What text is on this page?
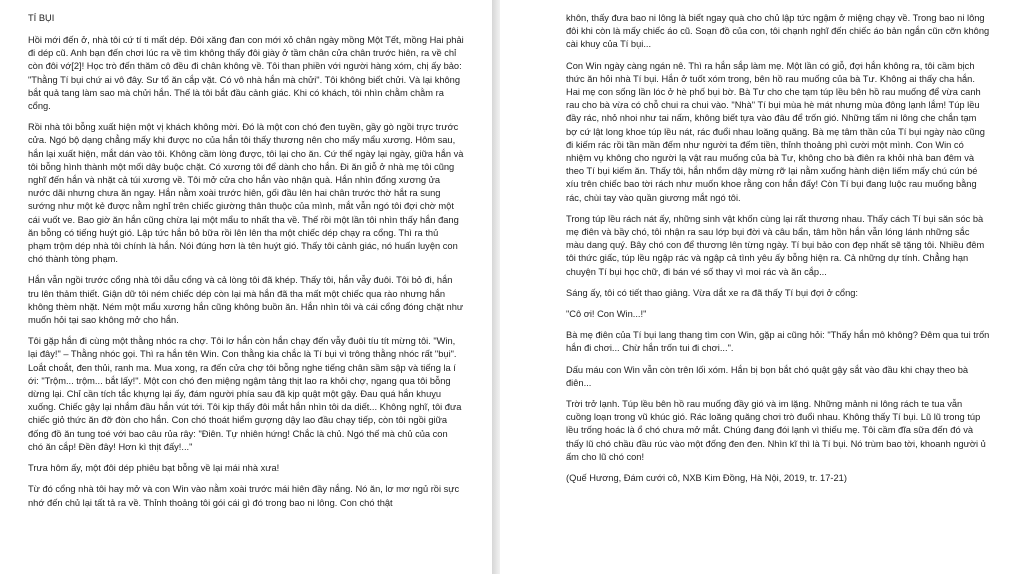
TÍ BỤI

Hồi mới đến ở, nhà tôi cứ tí ti mất dép. Đôi xăng đan con mới xỏ chân ngày mồng Một Tết, mồng Hai phải đi dép cũ. Anh bạn đến chơi lúc ra về tìm không thấy đôi giày ở tầm chân cửa chân trước hiên, ra về chỉ còn đôi vớ[2]! Học trò đến thăm cô đều đi chân không về. Tôi than phiền với người hàng xóm, chị ấy bảo: "Thằng Tí bụi chứ ai vô đây. Sư tổ ăn cắp vặt. Có vô nhà hắn mà chửi". Tôi không biết chửi. Và lại không bắt quả tang làm sao mà chửi hắn. Thế là tôi bắt đầu cảnh giác. Khi có khách, tôi nhìn chằm chằm ra cổng.

Rồi nhà tôi bỗng xuất hiện một vị khách không mời. Đó là một con chó đen tuyền, gầy gò ngồi trực trước cửa. Ngó bộ dạng chẳng mấy khi được no của hắn tôi thấy thương nên cho mấy mẩu xương. Hôm sau, hắn lại xuất hiện, mắt dán vào tôi. Không cầm lòng được, tôi lại cho ăn. Cứ thế ngày lại ngày, giữa hắn và tôi bỗng hình thành một mối dây buộc chặt. Có xương tôi để dành cho hắn. Đi ăn giỗ ở nhà mẹ tôi cũng nghĩ đến hắn và nhặt cả túi xương về. Tôi mở cửa cho hắn vào nhận quà. Hắn nhìn đống xương ửa nước dãi nhưng chưa ăn ngay. Hắn nằm xoài trước hiên, gối đầu lên hai chân trước thờ hắt ra sung sướng như một kẻ được nằm nghỉ trên chiếc giường thân thuộc của mình, mắt vẫn ngó tôi đợi chờ một cái vuốt ve. Bao giờ ăn hắn cũng chừa lại một mẩu to nhất tha về. Thế rồi một lần tôi nhìn thấy hắn đang ăn bỗng có tiếng huýt gió. Lập tức hắn bỏ bữa rồi lên lên tha một chiếc dép chạy ra cổng. Thì ra thủ phạm trộm dép nhà tôi chính là hắn. Nói đúng hơn là tên huýt gió. Thấy tôi cảnh giác, nó huấn luyện con chó thành tòng phạm.

Hắn vẫn ngồi trước cổng nhà tôi dẫu cổng và cả lòng tôi đã khép. Thấy tôi, hắn vẫy đuôi. Tôi bỏ đi, hắn tru lên thảm thiết. Giận dữ tôi ném chiếc dép còn lại mà hắn đã tha mất một chiếc qua rào nhưng hắn không thèm nhặt. Ném một mẩu xương hắn cũng không buồn ăn. Hắn nhìn tôi và cái cổng đóng chặt như muốn hỏi tại sao không mở cho hắn.

Tôi gặp hắn đi cùng một thằng nhóc ra chợ. Tôi lơ hắn còn hắn chạy đến vẫy đuôi tíu tít mừng tôi. "Win, lại đây!" – Thằng nhóc gọi. Thì ra hắn tên Win. Con thằng kia chắc là Tí bụi vì trông thằng nhóc rất "bụi". Loắt choắt, đen thủi, ranh ma. Mua xong, ra đến cửa chợ tôi bỗng nghe tiếng chân sầm sập và tiếng la í ới: "Trộm... trộm... bắt lấy!". Một con chó đen miệng ngậm tảng thịt lao ra khỏi chợ, ngang qua tôi bỗng dừng lại. Chỉ cần tích tắc khựng lại ấy, đám người phía sau đã kịp quật một gậy. Đau quá hắn khuỵu xuống. Chiếc gậy lại nhắm đầu hắn vút tới. Tôi kịp thấy đôi mắt hắn nhìn tôi da diết... Không nghĩ, tôi đưa chiếc giỏ thức ăn đỡ đòn cho hắn. Con chó thoát hiểm gượng dậy lao đầu chạy tiếp, còn tôi ngồi giữa đống đồ ăn tung toé với bao câu rủa rây: "Điên. Tự nhiên hứng! Chắc là chủ. Ngó thế mà chủ của con chó ăn cắp! Đền đây! Hơn kì thịt đấy!..."

Trưa hôm ấy, một đôi dép phiêu bạt bỗng về lại mái nhà xưa!

Từ đó cổng nhà tôi hay mở và con Win vào nằm xoài trước mái hiên đầy nắng. Nó ăn, lơ mơ ngủ rồi sực nhớ đến chủ lại tất tả ra về. Thỉnh thoảng tôi gói cái gì đó trong bao ni lông. Con chó thật

khôn, thấy đưa bao ni lông là biết ngay quà cho chủ lập tức ngậm ở miệng chạy về. Trong bao ni lông đôi khi còn là mấy chiếc áo cũ. Soạn đồ của con, tôi chạnh nghĩ đến chiếc áo bản ngắn cũn cỡn không cài khuy của Tí bụi...

Con Win ngày càng ngán nê. Thì ra hắn sắp làm mẹ. Một lần có giỗ, đợi hắn không ra, tôi cầm bịch thức ăn hỏi nhà Tí bụi. Hắn ở tuốt xóm trong, bên hồ rau muống của bà Tư. Không ai thấy cha hắn. Hai mẹ con sống lần lóc ở hè phố bụi bờ. Bà Tư cho che tạm túp lều bên hồ rau muống để vừa canh rau cho bà vừa có chỗ chui ra chui vào. "Nhà" Tí bụi mùa hè mát nhưng mùa đông lạnh lắm! Túp lều đầy rác, nhỏ nhoi như tai nấm, không biết tựa vào đâu để trốn gió. Những tấm ni lông che chắn tạm bợ cứ lật long khoe túp lều nát, rác đuổi nhau loăng quăng. Bà mẹ tâm thần của Tí bụi ngày nào cũng đi kiếm rác rồi tần mần đếm như người ta đếm tiền, thỉnh thoảng phì cười một mình. Con Win có nhiệm vụ không cho người lạ vật rau muống của bà Tư, không cho bà điên ra khỏi nhà ban đêm và theo Tí bụi kiếm ăn. Thấy tôi, hắn nhổm dậy mừng rỡ lại nằm xuống hành diện liếm mấy chú cún bé xíu trên chiếc bao tời rách như muốn khoe rằng con hắn đấy! Còn Tí bụi đang luộc rau muống bằng rác, chùi tay vào quần giương mắt ngó tôi.

Trong túp lều rách nát ấy, những sinh vật khốn cùng lại rất thương nhau. Thấy cách Tí bụi săn sóc bà mẹ điên và bầy chó, tôi nhận ra sau lớp bụi đời và câu bẩn, tâm hồn hắn vẫn lóng lánh những sắc màu dang quý. Bây chó con để thương lên từng ngày. Tí bụi bảo con đẹp nhất sẽ tặng tôi. Nhiều đêm tôi thức giấc, túp lều ngập rác và ngập cả tình yêu ấy bỗng hiện ra. Cả những dự tính. Chẳng hạn chuyện Tí bụi học chữ, đi bán vé số thay vì moi rác và ăn cắp...

Sáng ấy, tôi có tiết thao giảng. Vừa dắt xe ra đã thấy Tí bụi đợi ở cổng:

"Cô ơi! Con Win...!"

Bà mẹ điên của Tí bụi lang thang tìm con Win, gặp ai cũng hỏi: "Thấy hắn mô không? Đêm qua tui trốn hắn đi chơi... Chừ hắn trốn tui đi chơi...".

Dấu máu con Win vẫn còn trên lối xóm. Hắn bị bọn bắt chó quật gậy sắt vào đầu khi chạy theo bà điên...

Trời trở lạnh. Túp lều bên hồ rau muống đầy gió và im lặng. Những mảnh ni lông rách te tua vẫn cuồng loạn trong vũ khúc gió. Rác loăng quăng chơi trò đuổi nhau. Không thấy Tí bụi. Lũ lũ trong túp lều trống hoác là ổ chó chưa mở mắt. Chúng đang đói lạnh vì thiếu mẹ. Tôi cầm đĩa sữa đến đó và thấy lũ chó chầu đầu rúc vào một đống đen đen. Nhìn kĩ thì là Tí bụi. Nó trùm bao tời, khoanh người ủ ấm cho lũ chó con!

(Quế Hương, Đám cưới cô, NXB Kim Đồng, Hà Nội, 2019, tr. 17-21)
